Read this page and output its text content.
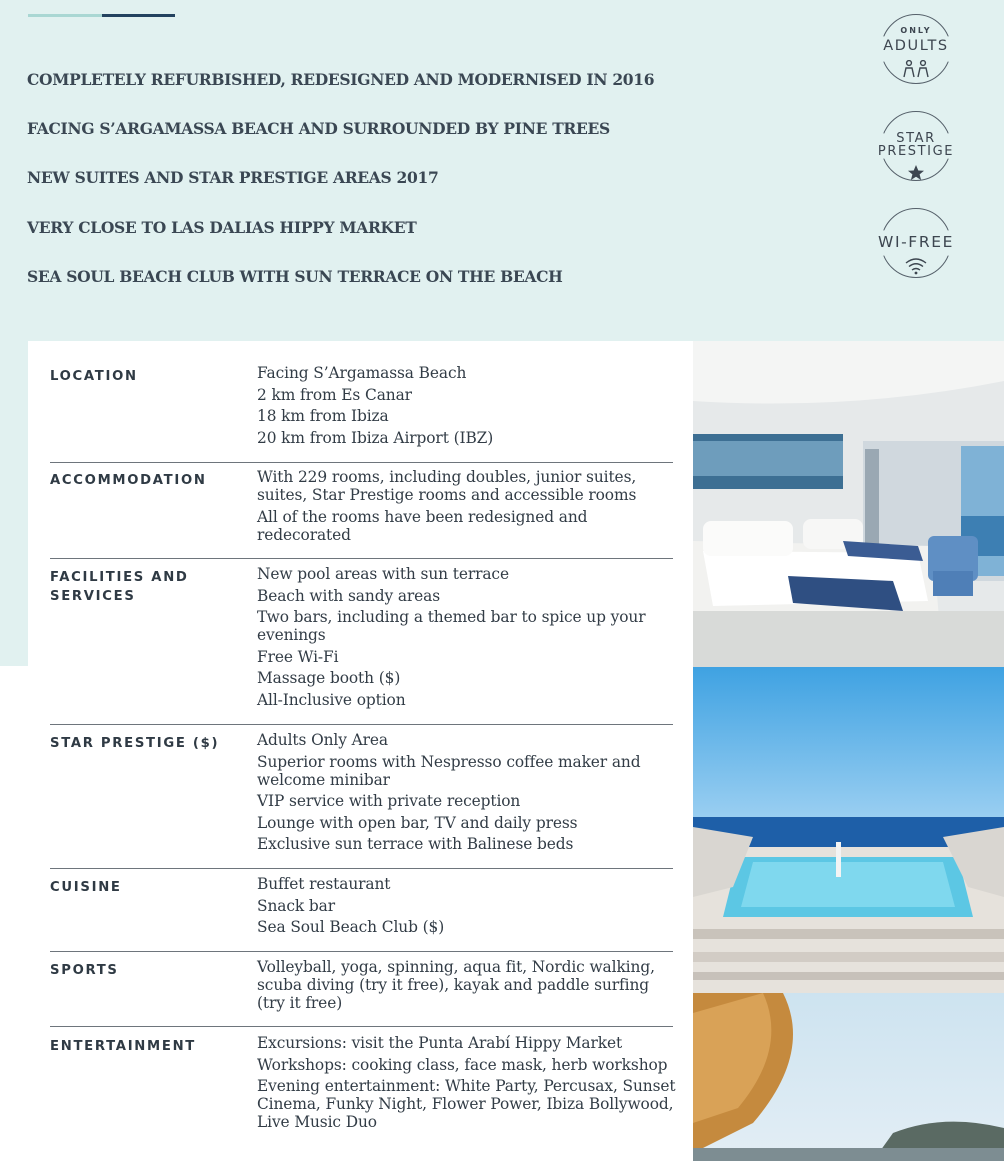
COMPLETELY REFURBISHED, REDESIGNED AND MODERNISED IN 2016
FACING S’ARGAMASSA BEACH AND SURROUNDED BY PINE TREES
NEW SUITES AND STAR PRESTIGE AREAS 2017
VERY CLOSE TO LAS DALIAS HIPPY MARKET
SEA SOUL BEACH CLUB WITH SUN TERRACE ON THE BEACH
ONLY
ADULTS
STAR
PRESTIGE
WI-FREE
LOCATION	Facing S’Argamassa Beach
2 km from Es Canar
18 km from Ibiza
20 km from Ibiza Airport (IBZ)
ACCOMMODATION	With 229 rooms, including doubles, junior suites, suites, Star Prestige rooms and accessible rooms
All of the rooms have been redesigned and redecorated
FACILITIES AND SERVICES
New pool areas with sun terrace
Beach with sandy areas
Two bars, including a themed bar to spice up your evenings
Free Wi-Fi
Massage booth ($)
All-Inclusive option
STAR PRESTIGE ($)	Adults Only Area
Superior rooms with Nespresso coffee maker and welcome minibar
VIP service with private reception
Lounge with open bar, TV and daily press
Exclusive sun terrace with Balinese beds
CUISINE	Buffet restaurant
Snack bar
Sea Soul Beach Club ($)
SPORTS	Volleyball, yoga, spinning, aqua fit, Nordic walking, scuba diving (try it free), kayak and paddle surfing (try it free)
ENTERTAINMENT	Excursions: visit the Punta Arabí Hippy Market
Workshops: cooking class, face mask, herb workshop
Evening entertainment: White Party, Percusax, Sunset Cinema, Funky Night, Flower Power, Ibiza Bollywood, Live Music Duo
